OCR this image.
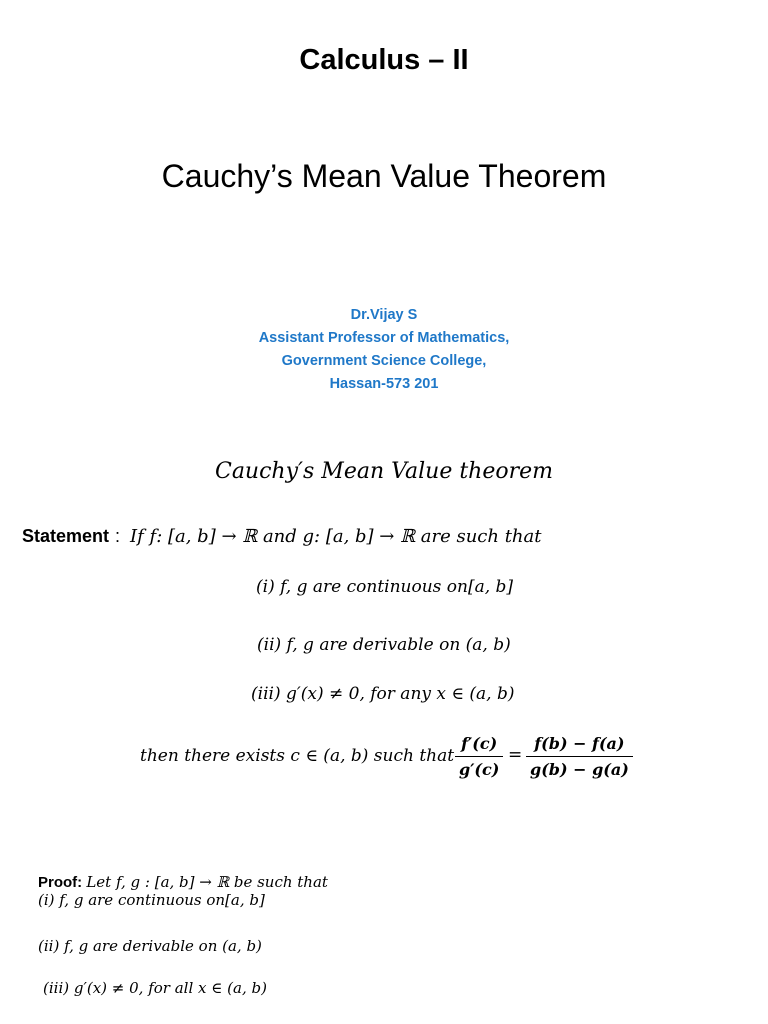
Calculus – II
Cauchy’s Mean Value Theorem
Dr.Vijay S
Assistant Professor of Mathematics,
Government Science College,
Hassan-573 201
Cauchy′s Mean Value theorem
Statement : If f: [a, b] → ℝ and g: [a, b] → ℝ are such that
(i) f, g are continuous on[a, b]
(ii) f, g are derivable on (a, b)
(iii) g′(x) ≠ 0, for any x ∈ (a, b)
then there exists c ∈ (a, b) such that $\frac{f'(c)}{g'(c)} = \frac{f(b) - f(a)}{g(b) - g(a)}$
Proof: Let f, g : [a, b] → ℝ be such that
(i) f, g are continuous on[a, b]
(ii) f, g are derivable on (a, b)
(iii) g′(x) ≠ 0, for all x ∈ (a, b)
